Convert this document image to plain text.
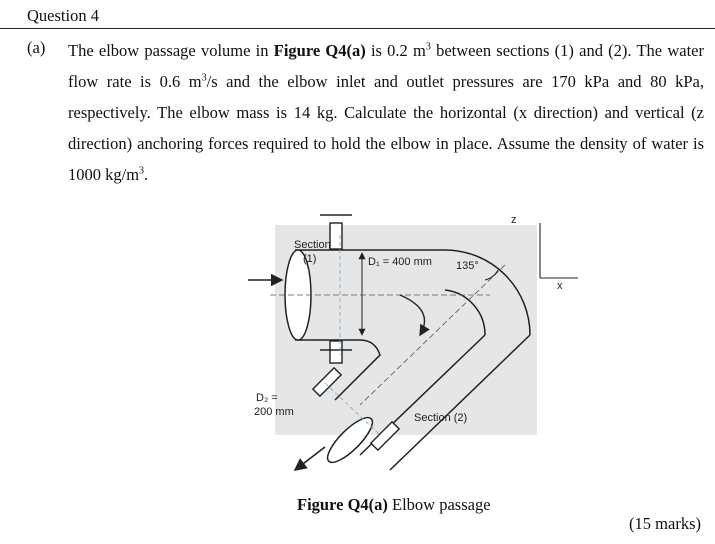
Question 4
(a) The elbow passage volume in Figure Q4(a) is 0.2 $m^3$ between sections (1) and (2). The water flow rate is 0.6 $m^3/s$ and the elbow inlet and outlet pressures are 170 kPa and 80 kPa, respectively. The elbow mass is 14 kg. Calculate the horizontal (x direction) and vertical (z direction) anchoring forces required to hold the elbow in place. Assume the density of water is 1000 $kg/m^3$.
Section
(1)	D₁ = 400 mm 135°
D₂ =
200 mm	Section (2)
z
x
Figure Q4(a) Elbow passage
(15 marks)
